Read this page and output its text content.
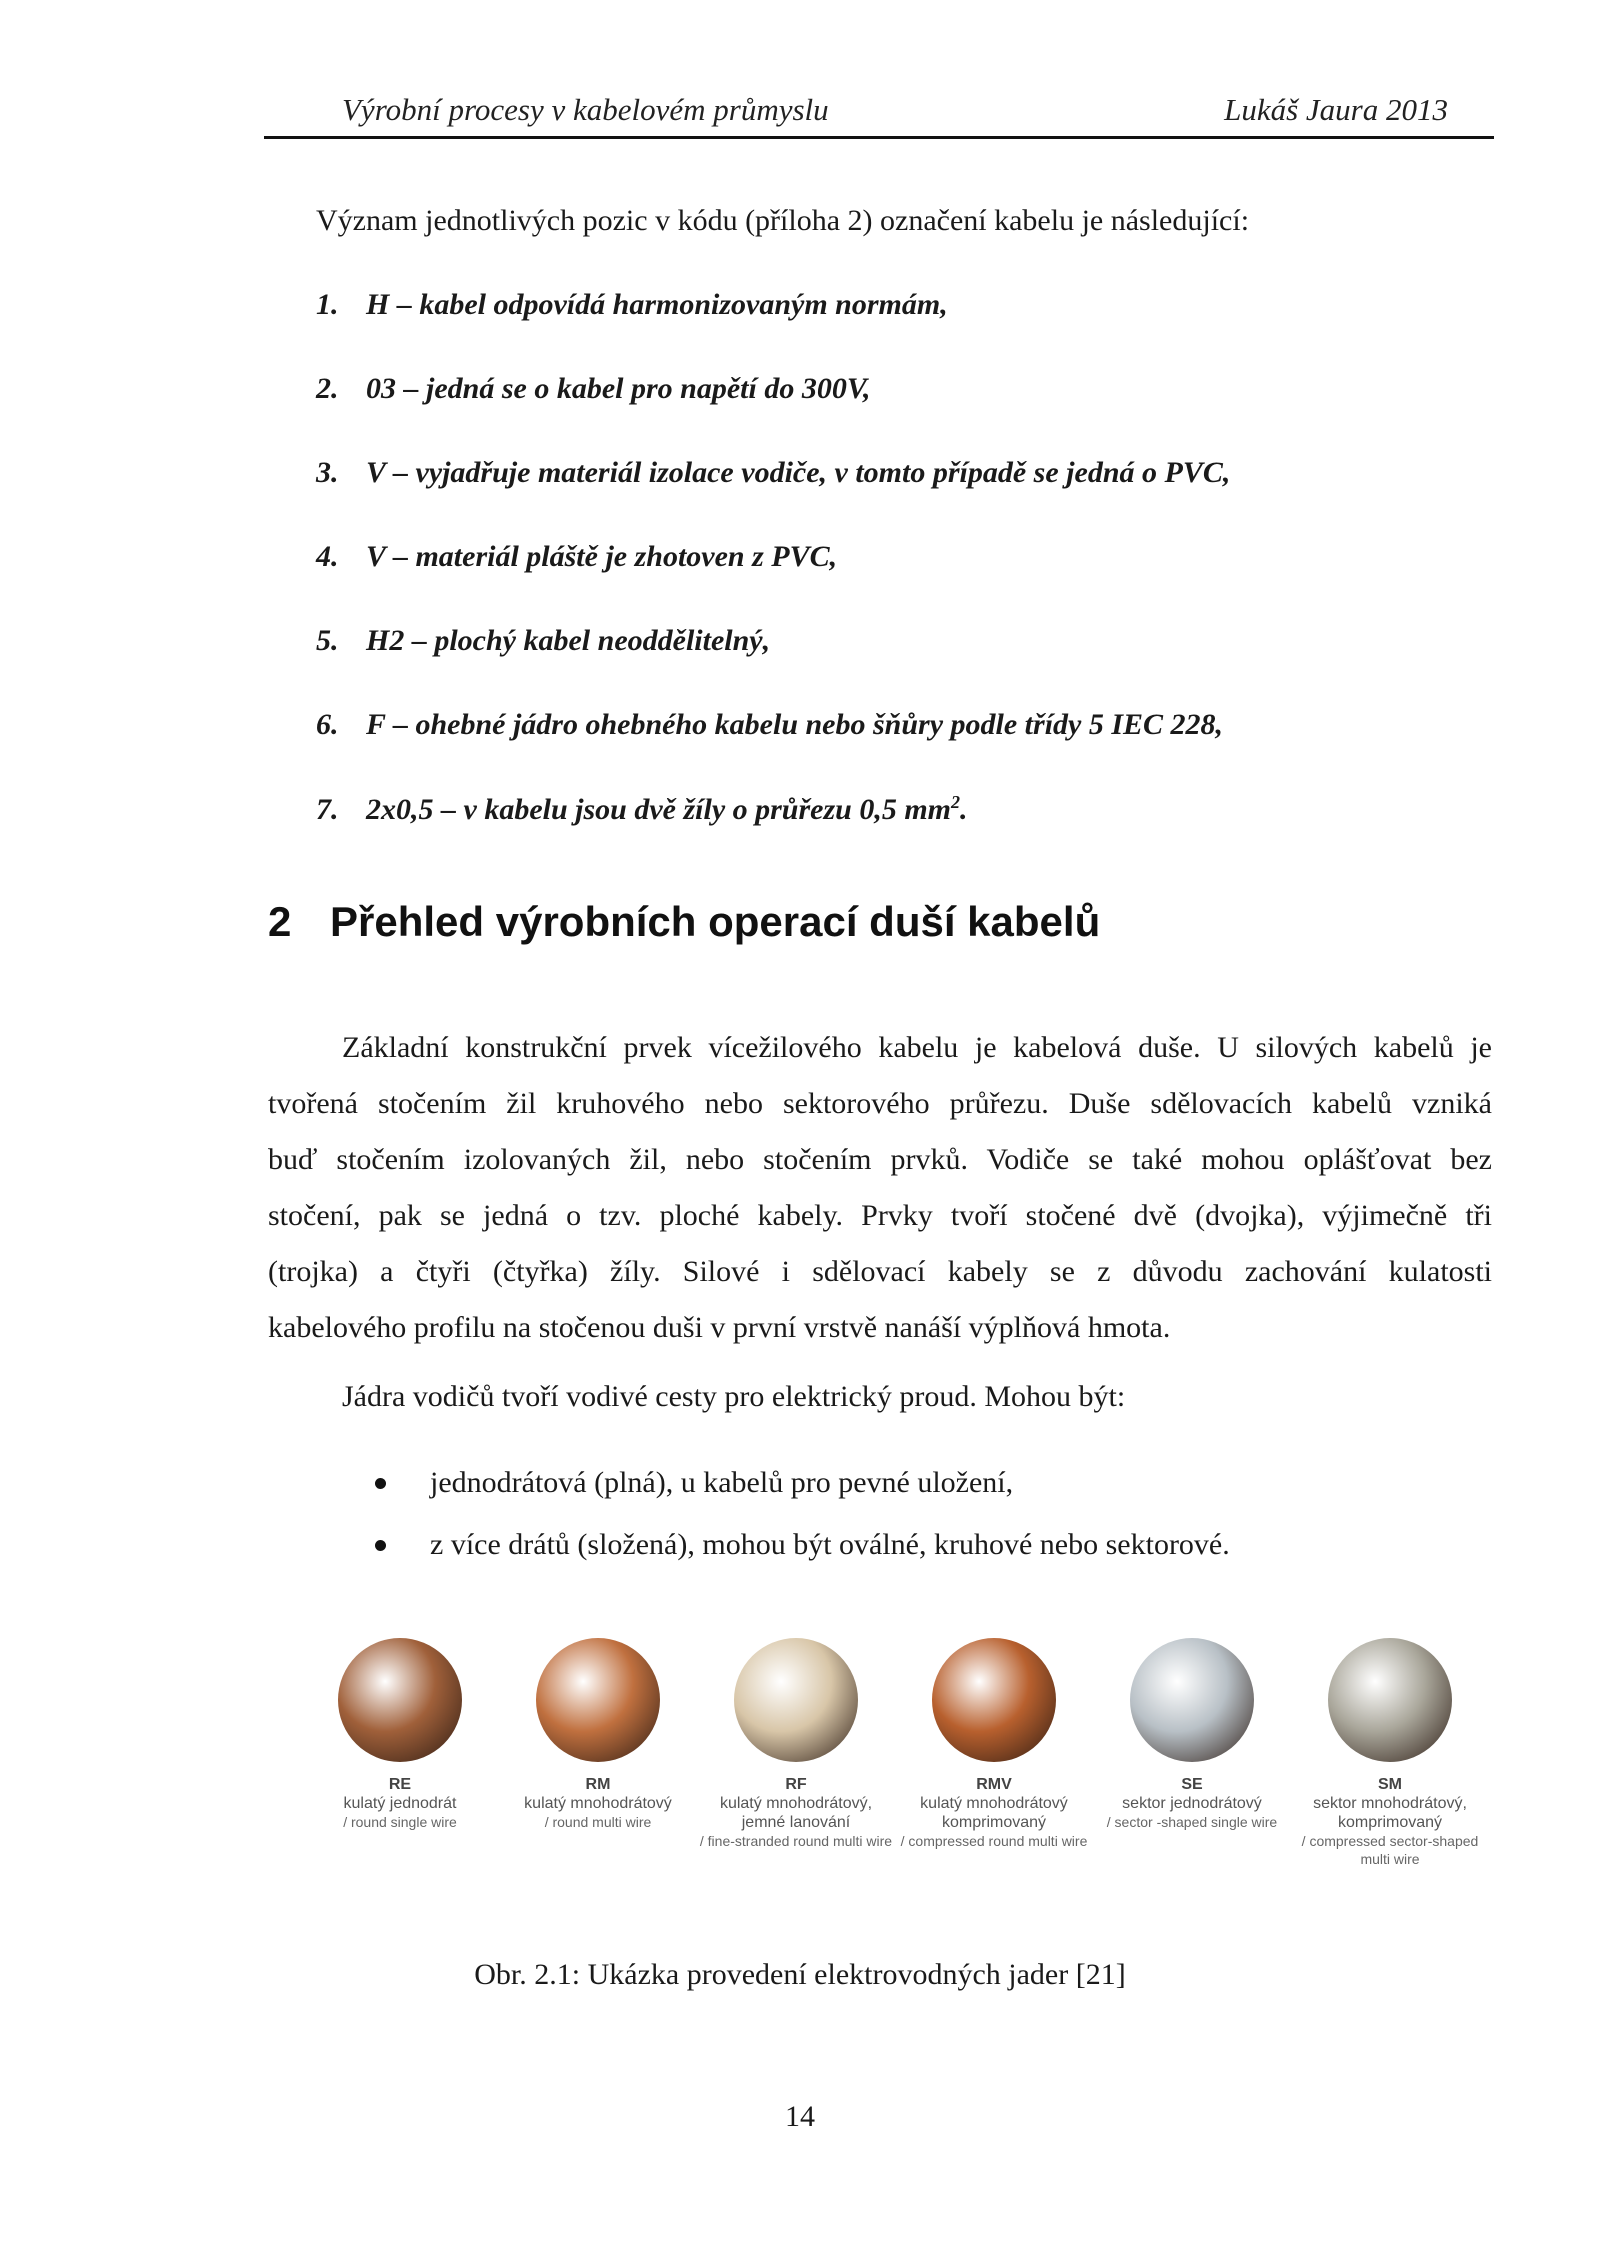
Výrobní procesy v kabelovém průmyslu	Lukáš Jaura 2013
Význam jednotlivých pozic v kódu (příloha 2) označení kabelu je následující:
1. H – kabel odpovídá harmonizovaným normám,
2. 03 – jedná se o kabel pro napětí do 300V,
3. V – vyjadřuje materiál izolace vodiče, v tomto případě se jedná o PVC,
4. V – materiál pláště je zhotoven z PVC,
5. H2 – plochý kabel neoddělitelný,
6. F – ohebné jádro ohebného kabelu nebo šňůry podle třídy 5 IEC 228,
7. 2x0,5 – v kabelu jsou dvě žíly o průřezu 0,5 $mm^2$.
2 Přehled výrobních operací duší kabelů
Základní konstrukční prvek vícežilového kabelu je kabelová duše. U silových kabelů je
tvořená stočením žil kruhového nebo sektorového průřezu. Duše sdělovacích kabelů vzniká
buď stočením izolovaných žil, nebo stočením prvků. Vodiče se také mohou oplášťovat bez
stočení, pak se jedná o tzv. ploché kabely. Prvky tvoří stočené dvě (dvojka), výjimečně tři
(trojka) a čtyři (čtyřka) žíly. Silové i sdělovací kabely se z důvodu zachování kulatosti
kabelového profilu na stočenou duši v první vrstvě nanáší výplňová hmota.
Jádra vodičů tvoří vodivé cesty pro elektrický proud. Mohou být:
jednodrátová (plná), u kabelů pro pevné uložení,
z více drátů (složená), mohou být oválné, kruhové nebo sektorové.
RE
kulatý jednodrát
/ round single wire
RM
kulatý mnohodrátový
/ round multi wire
RF
kulatý mnohodrátový, jemné lanování
/ fine-stranded round multi wire
RMV
kulatý mnohodrátový komprimovaný
/ compressed round multi wire
SE
sektor jednodrátový
/ sector -shaped single wire
SM
sektor mnohodrátový, komprimovaný
/ compressed sector-shaped multi wire
Obr. 2.1: Ukázka provedení elektrovodných jader [21]
14
